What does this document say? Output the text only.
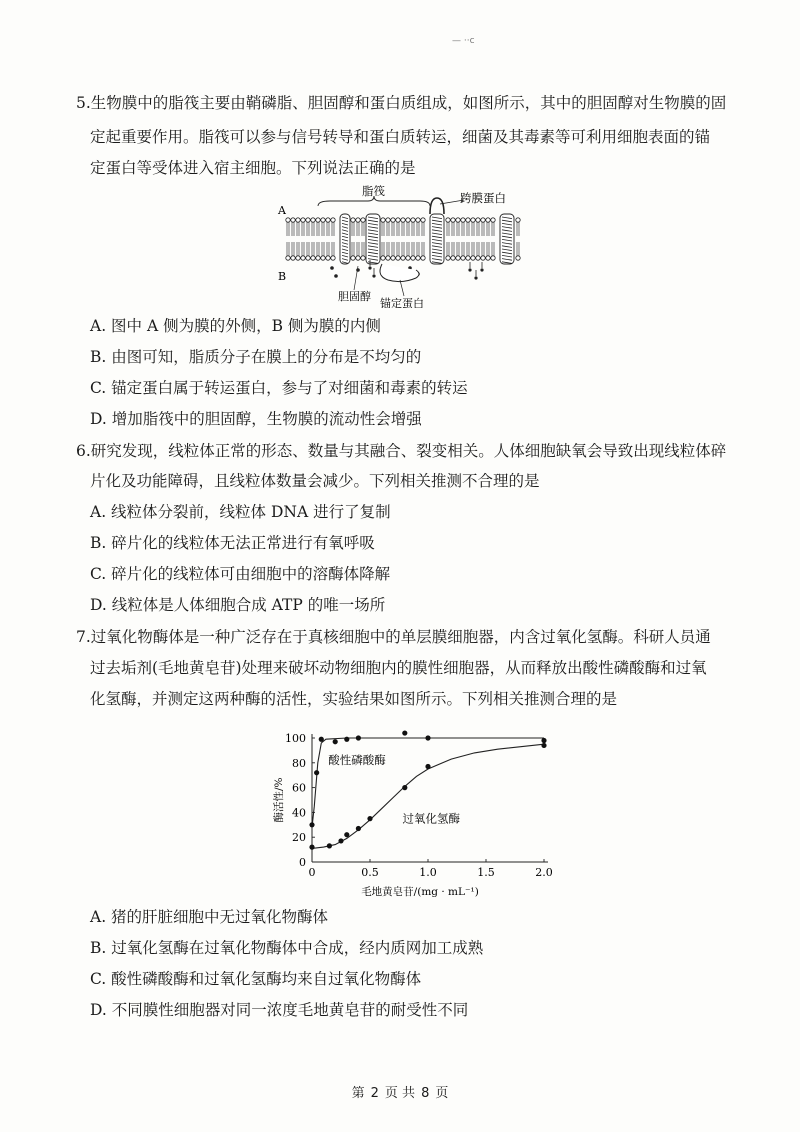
— ··c
5.生物膜中的脂筏主要由鞘磷脂、胆固醇和蛋白质组成，如图所示，其中的胆固醇对生物膜的固
定起重要作用。脂筏可以参与信号转导和蛋白质转运，细菌及其毒素等可利用细胞表面的锚
定蛋白等受体进入宿主细胞。下列说法正确的是
A
B
脂筏	跨膜蛋白
胆固醇
锚定蛋白
A. 图中 A 侧为膜的外侧，B 侧为膜的内侧
B. 由图可知，脂质分子在膜上的分布是不均匀的
C. 锚定蛋白属于转运蛋白，参与了对细菌和毒素的转运
D. 增加脂筏中的胆固醇，生物膜的流动性会增强
6.研究发现，线粒体正常的形态、数量与其融合、裂变相关。人体细胞缺氧会导致出现线粒体碎
片化及功能障碍，且线粒体数量会减少。下列相关推测不合理的是
A. 线粒体分裂前，线粒体 DNA 进行了复制
B. 碎片化的线粒体无法正常进行有氧呼吸
C. 碎片化的线粒体可由细胞中的溶酶体降解
D. 线粒体是人体细胞合成 ATP 的唯一场所
7.过氧化物酶体是一种广泛存在于真核细胞中的单层膜细胞器，内含过氧化氢酶。科研人员通
过去垢剂(毛地黄皂苷)处理来破坏动物细胞内的膜性细胞器，从而释放出酸性磷酸酶和过氧
化氢酶，并测定这两种酶的活性，实验结果如图所示。下列相关推测合理的是
0	0.5	1.0	1.5	2.0
0
20
40
60
80
100
酸性磷酸酶
过氧化氢酶
酶活性/%
毛地黄皂苷/(mg · mL⁻¹)
A. 猪的肝脏细胞中无过氧化物酶体
B. 过氧化氢酶在过氧化物酶体中合成，经内质网加工成熟
C. 酸性磷酸酶和过氧化氢酶均来自过氧化物酶体
D. 不同膜性细胞器对同一浓度毛地黄皂苷的耐受性不同
第 2 页 共 8 页
